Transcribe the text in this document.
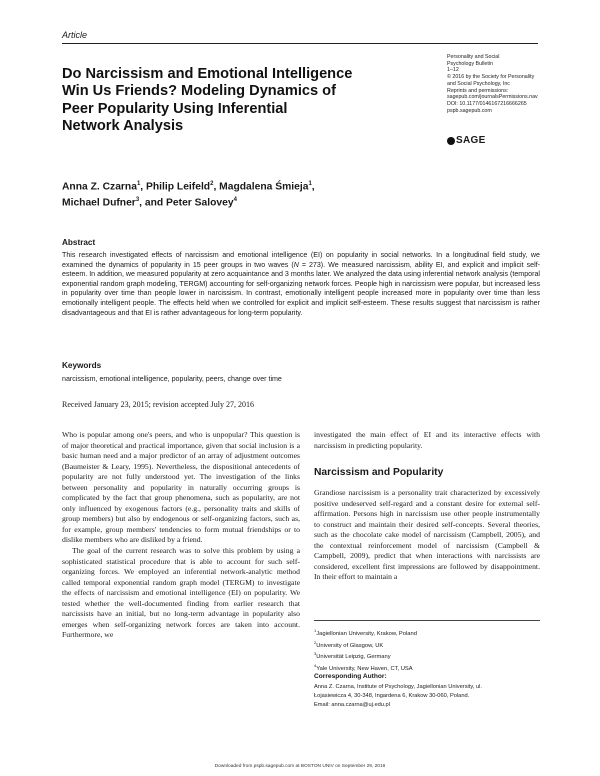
Article
Do Narcissism and Emotional Intelligence
Win Us Friends? Modeling Dynamics of
Peer Popularity Using Inferential
Network Analysis
Personality and Social
Psychology Bulletin
1–12
© 2016 by the Society for Personality
and Social Psychology, Inc
Reprints and permissions:
sagepub.com/journalsPermissions.nav
DOI: 10.1177/0146167216666265
pspb.sagepub.com
SAGE
Anna Z. Czarna$^1$, Philip Leifeld$^2$, Magdalena Śmieja$^1$,
Michael Dufner$^3$, and Peter Salovey$^4$
Abstract
This research investigated effects of narcissism and emotional intelligence (EI) on popularity in social networks. In a longitudinal field study, we examined the dynamics of popularity in 15 peer groups in two waves (N = 273). We measured narcissism, ability EI, and explicit and implicit self-esteem. In addition, we measured popularity at zero acquaintance and 3 months later. We analyzed the data using inferential network analysis (temporal exponential random graph modeling, TERGM) accounting for self-organizing network forces. People high in narcissism were popular, but increased less in popularity over time than people lower in narcissism. In contrast, emotionally intelligent people increased more in popularity over time than less emotionally intelligent people. The effects held when we controlled for explicit and implicit self-esteem. These results suggest that narcissism is rather disadvantageous and that EI is rather advantageous for long-term popularity.
Keywords
narcissism, emotional intelligence, popularity, peers, change over time
Received January 23, 2015; revision accepted July 27, 2016

Who is popular among one's peers, and who is unpopular? This question is of major theoretical and practical importance, given that social inclusion is a basic human need and a major predictor of an array of adjustment outcomes (Baumeister & Leary, 1995). Nevertheless, the dispositional antecedents of popularity are not fully understood yet. The investigation of the links between personality and popularity in naturally occurring groups is complicated by the fact that group phenomena, such as popularity, are not only influenced by exogenous factors (e.g., personality traits and skills of group members) but also by endogenous or self-organizing factors, such as, for example, group members' tendencies to form mutual friendships or to dislike members who are disliked by a friend.

The goal of the current research was to solve this problem by using a sophisticated statistical procedure that is able to account for such self-organizing forces. We employed an inferential network-analytic method called temporal exponential random graph model (TERGM) to investigate the effects of narcissism and emotional intelligence (EI) on popularity. We tested whether the well-documented finding from earlier research that narcissists have an initial, but no long-term advantage in popularity also emerges when self-organizing network forces are taken into account. Furthermore, we

investigated the main effect of EI and its interactive effects with narcissism in predicting popularity.

Narcissism and Popularity

Grandiose narcissism is a personality trait characterized by excessively positive undeserved self-regard and a constant desire for external self-affirmation. Persons high in narcissism use other people instrumentally to construct and maintain their desired self-concepts. Several theories, such as the chocolate cake model of narcissism (Campbell, 2005), and the contextual reinforcement model of narcissism (Campbell & Campbell, 2009), predict that when interactions with narcissists are considered, excellent first impressions are followed by disappointment. In their effort to maintain a

$^1$Jagiellonian University, Krakow, Poland
$^2$University of Glasgow, UK
$^3$Universität Leipzig, Germany
$^4$Yale University, New Haven, CT, USA
Corresponding Author:
Anna Z. Czarna, Institute of Psychology, Jagiellonian University, ul.
Łojasiewicza 4, 30-348, Ingardena 6, Krakow 30-060, Poland.
Email: anna.czarna@uj.edu.pl
Downloaded from pspb.sagepub.com at BOSTON UNIV on September 29, 2016
